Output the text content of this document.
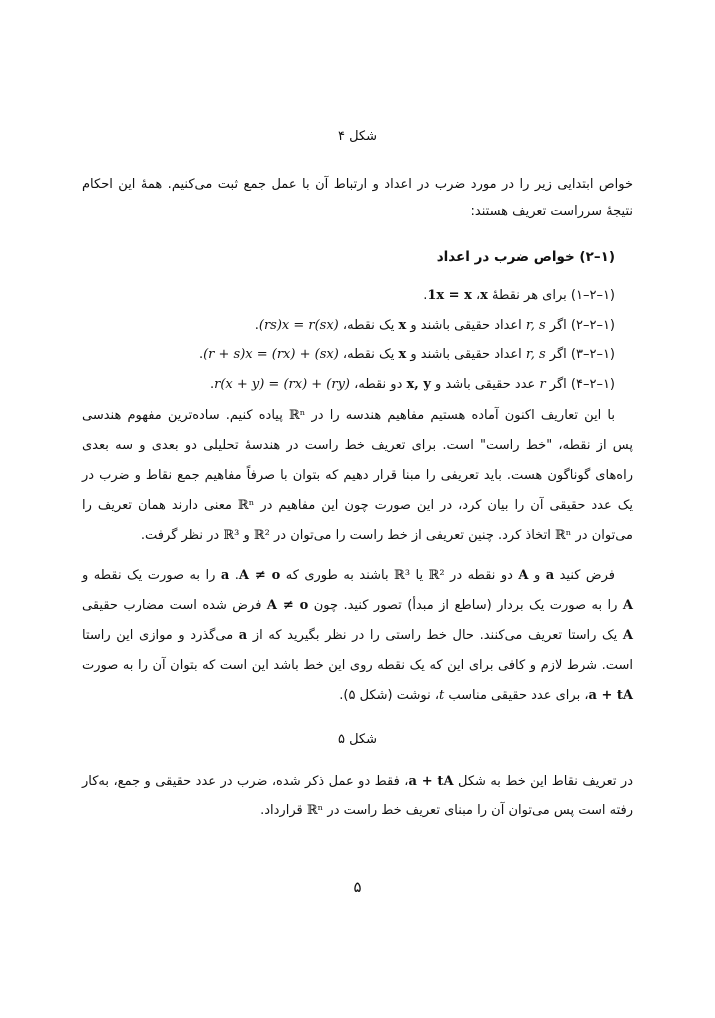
شکل ۴
خواص ابتدایی زیر را در مورد ضرب در اعداد و ارتباط آن با عمل جمع ثبت می‌کنیم. همهٔ این احکام
نتیجهٔ سرراست تعریف هستند:
(۱–۲) خواص ضرب در اعداد
(۱–۲–۱) برای هر نقطهٔ x، 1x = x.
(۱–۲–۲) اگر r, s اعداد حقیقی باشند و x یک نقطه، (rs)x = r(sx).
(۱–۲–۳) اگر r, s اعداد حقیقی باشند و x یک نقطه، (r + s)x = (rx) + (sx).
(۱–۲–۴) اگر r عدد حقیقی باشد و x, y دو نقطه، r(x + y) = (rx) + (ry).
با این تعاریف اکنون آماده هستیم مفاهیم هندسه را در ℝⁿ پیاده کنیم. ساده‌ترین مفهوم هندسی
پس از نقطه، "خط راست" است. برای تعریف خط راست در هندسهٔ تحلیلی دو بعدی و سه بعدی
راه‌های گوناگون هست. باید تعریفی را مبنا قرار دهیم که بتوان با صرفاً مفاهیم جمع نقاط و ضرب در
یک عدد حقیقی آن را بیان کرد، در این صورت چون این مفاهیم در ℝⁿ معنی دارند همان تعریف را
می‌توان در ℝⁿ اتخاذ کرد. چنین تعریفی از خط راست را می‌توان در ℝ² و ℝ³ در نظر گرفت.
فرض کنید a و A دو نقطه در ℝ² یا ℝ³ باشند به طوری که A ≠ o. a را به صورت یک نقطه و
A را به صورت یک بردار (ساطع از مبدأ) تصور کنید. چون A ≠ o فرض شده است مضارب حقیقی
A یک راستا تعریف می‌کنند. حال خط راستی را در نظر بگیرید که از a می‌گذرد و موازی این راستا
است. شرط لازم و کافی برای این که یک نقطه روی این خط باشد این است که بتوان آن را به صورت
a + tA، برای عدد حقیقی مناسب t، نوشت (شکل ۵).
شکل ۵
در تعریف نقاط این خط به شکل a + tA، فقط دو عمل ذکر شده، ضرب در عدد حقیقی و جمع، به‌کار
رفته است پس می‌توان آن را مبنای تعریف خط راست در ℝⁿ قرارداد.
۵
